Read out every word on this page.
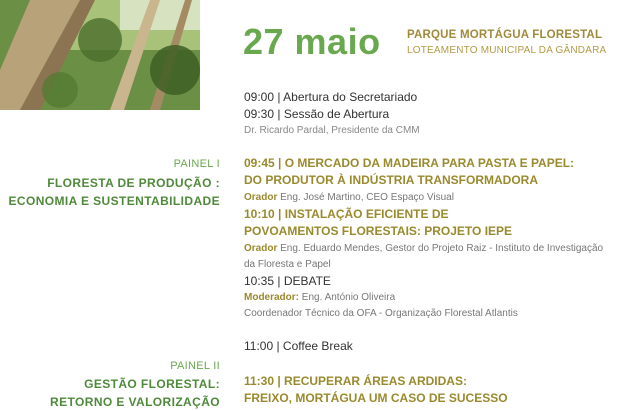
27 maio PARQUE MORTÁGUA FLORESTAL
LOTEAMENTO MUNICIPAL DA GÂNDARA
09:00 | Abertura do Secretariado
09:30 | Sessão de Abertura
Dr. Ricardo Pardal, Presidente da CMM
PAINEL I
FLORESTA DE PRODUÇÃO :
ECONOMIA E SUSTENTABILIDADE
09:45 | O MERCADO DA MADEIRA PARA PASTA E PAPEL:
DO PRODUTOR À INDÚSTRIA TRANSFORMADORA
Orador Eng. José Martino, CEO Espaço Visual
10:10 | INSTALAÇÃO EFICIENTE DE
POVOAMENTOS FLORESTAIS: PROJETO IEPE
Orador Eng. Eduardo Mendes, Gestor do Projeto Raiz - Instituto de Investigação
da Floresta e Papel
10:35 | DEBATE
Moderador: Eng. António Oliveira
Coordenador Técnico da OFA - Organização Florestal Atlantis
11:00 | Coffee Break
PAINEL II
GESTÃO FLORESTAL:
RETORNO E VALORIZAÇÃO
11:30 | RECUPERAR ÁREAS ARDIDAS:
FREIXO, MORTÁGUA UM CASO DE SUCESSO
